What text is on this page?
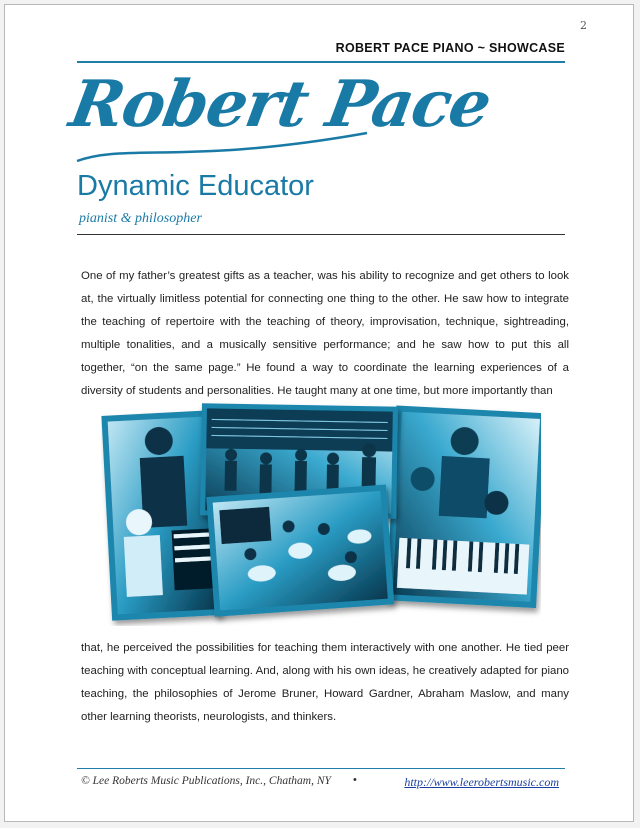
2
ROBERT PACE PIANO ~ SHOWCASE
Robert Pace
Dynamic Educator
pianist & philosopher

One of my father’s greatest gifts as a teacher, was his ability to recognize and get others to look at, the virtually limitless potential for connecting one thing to the other. He saw how to integrate the teaching of repertoire with the teaching of theory, improvisation, technique, sightreading, multiple tonalities, and a musically sensitive performance; and he saw how to put this all together, “on the same page.” He found a way to coordinate the learning experiences of a diversity of students and personalities. He taught many at one time, but more importantly than

that, he perceived the possibilities for teaching them interactively with one another. He tied peer teaching with conceptual learning. And, along with his own ideas, he creatively adapted for piano teaching, the philosophies of Jerome Bruner, Howard Gardner, Abraham Maslow, and many other learning theorists, neurologists, and thinkers.

© Lee Roberts Music Publications, Inc., Chatham, NY •	http://www.leerobertsmusic.com
